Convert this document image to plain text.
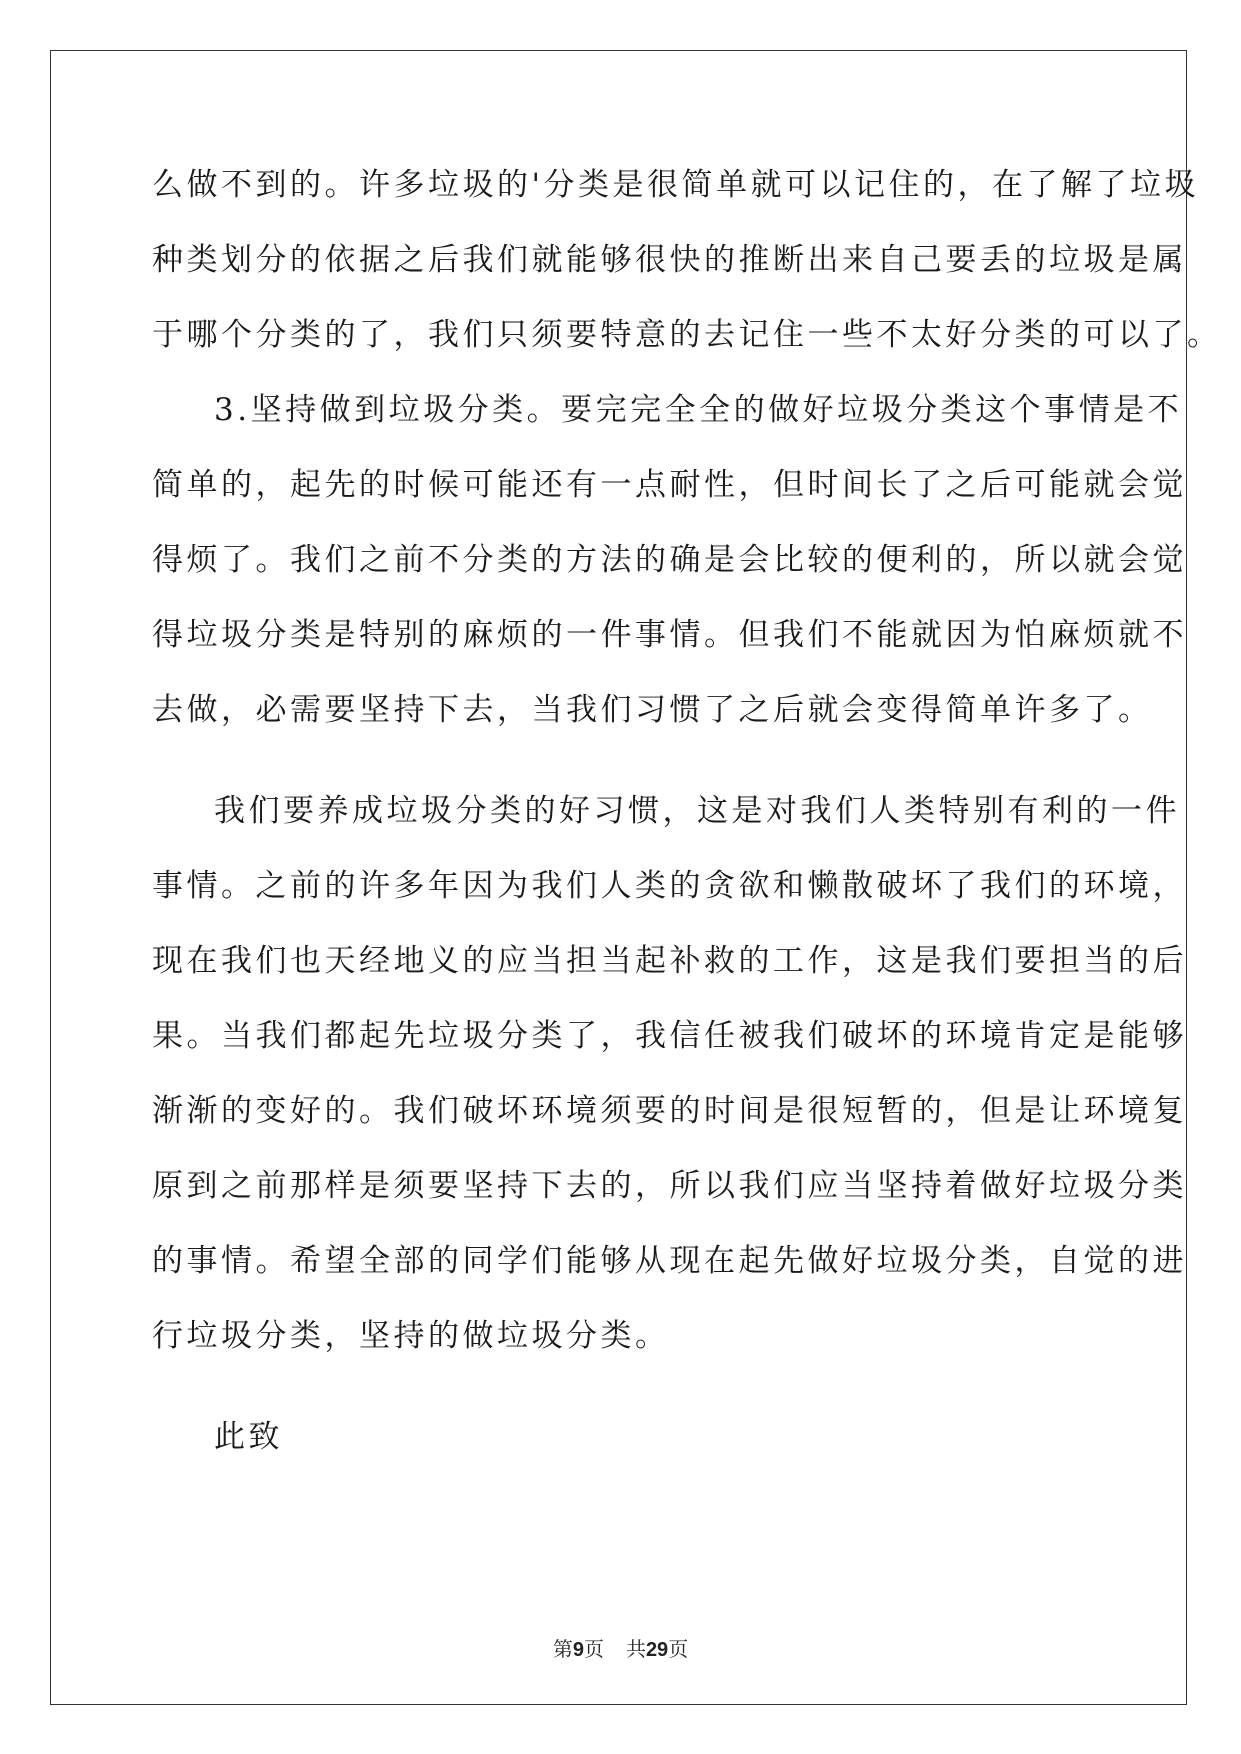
么做不到的。许多垃圾的'分类是很简单就可以记住的，在了解了垃圾
种类划分的依据之后我们就能够很快的推断出来自己要丢的垃圾是属
于哪个分类的了，我们只须要特意的去记住一些不太好分类的可以了。
3.坚持做到垃圾分类。要完完全全的做好垃圾分类这个事情是不
简单的，起先的时候可能还有一点耐性，但时间长了之后可能就会觉
得烦了。我们之前不分类的方法的确是会比较的便利的，所以就会觉
得垃圾分类是特别的麻烦的一件事情。但我们不能就因为怕麻烦就不
去做，必需要坚持下去，当我们习惯了之后就会变得简单许多了。
我们要养成垃圾分类的好习惯，这是对我们人类特别有利的一件
事情。之前的许多年因为我们人类的贪欲和懒散破坏了我们的环境，
现在我们也天经地义的应当担当起补救的工作，这是我们要担当的后
果。当我们都起先垃圾分类了，我信任被我们破坏的环境肯定是能够
渐渐的变好的。我们破坏环境须要的时间是很短暂的，但是让环境复
原到之前那样是须要坚持下去的，所以我们应当坚持着做好垃圾分类
的事情。希望全部的同学们能够从现在起先做好垃圾分类，自觉的进
行垃圾分类，坚持的做垃圾分类。
此致
第9页 共29页
